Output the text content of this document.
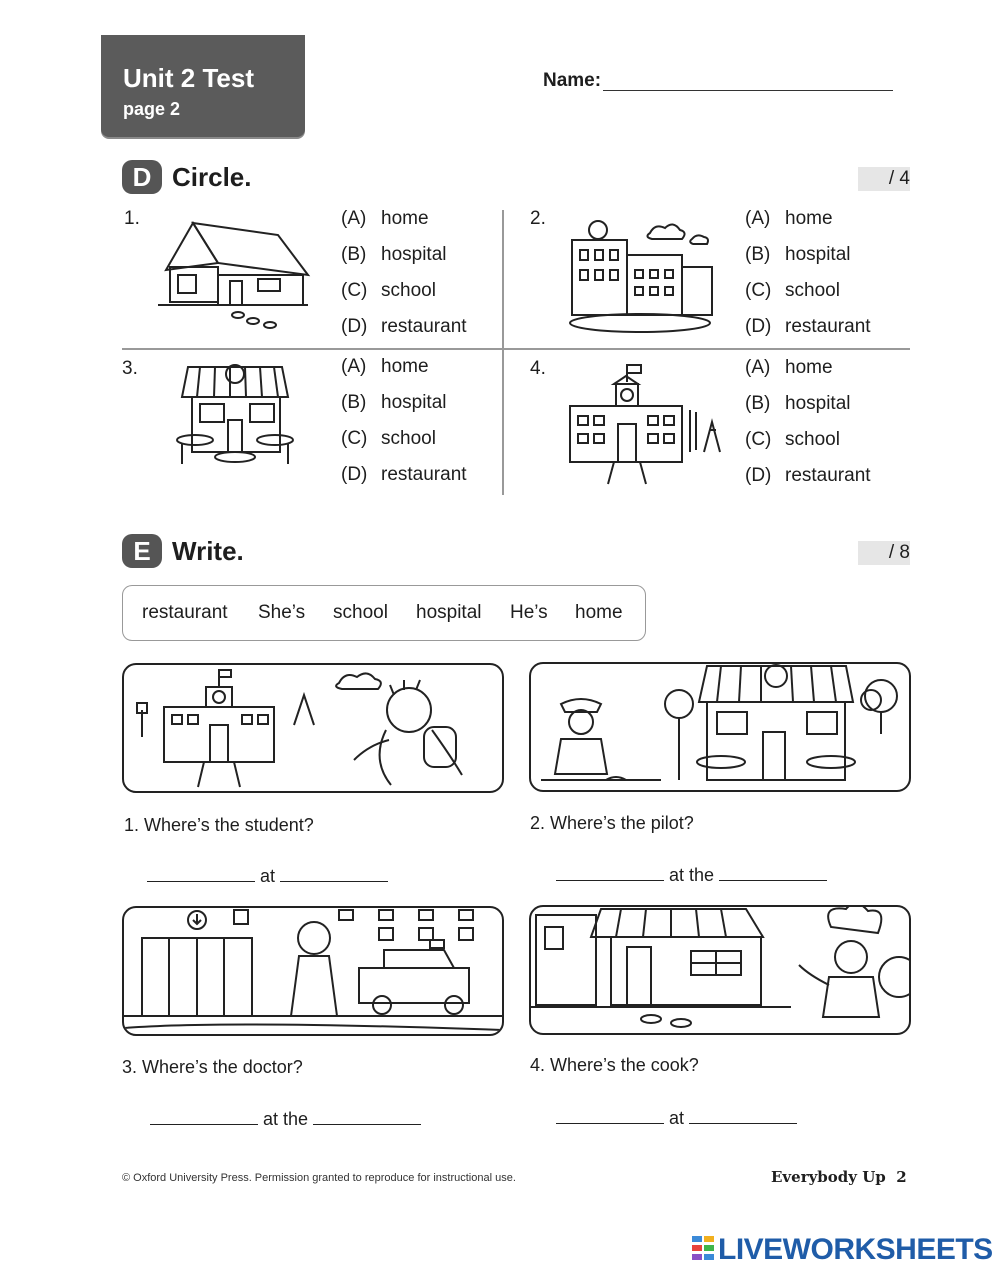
Unit 2 Test
page 2
Name:
D Circle.	/ 4
1.	(A) home
(B) hospital
(C) school
(D) restaurant
2.	(A) home
(B) hospital
(C) school
(D) restaurant
3.	(A) home
(B) hospital
(C) school
(D) restaurant
4.	(A) home
(B) hospital
(C) school
(D) restaurant
E Write.	/ 8
restaurant She’s school hospital He’s home
1. Where’s the student?
at
2. Where’s the pilot?
at the
3. Where’s the doctor?
at the
4. Where’s the cook?
at
© Oxford University Press. Permission granted to reproduce for instructional use.	Everybody Up 2
LIVEWORKSHEETS
